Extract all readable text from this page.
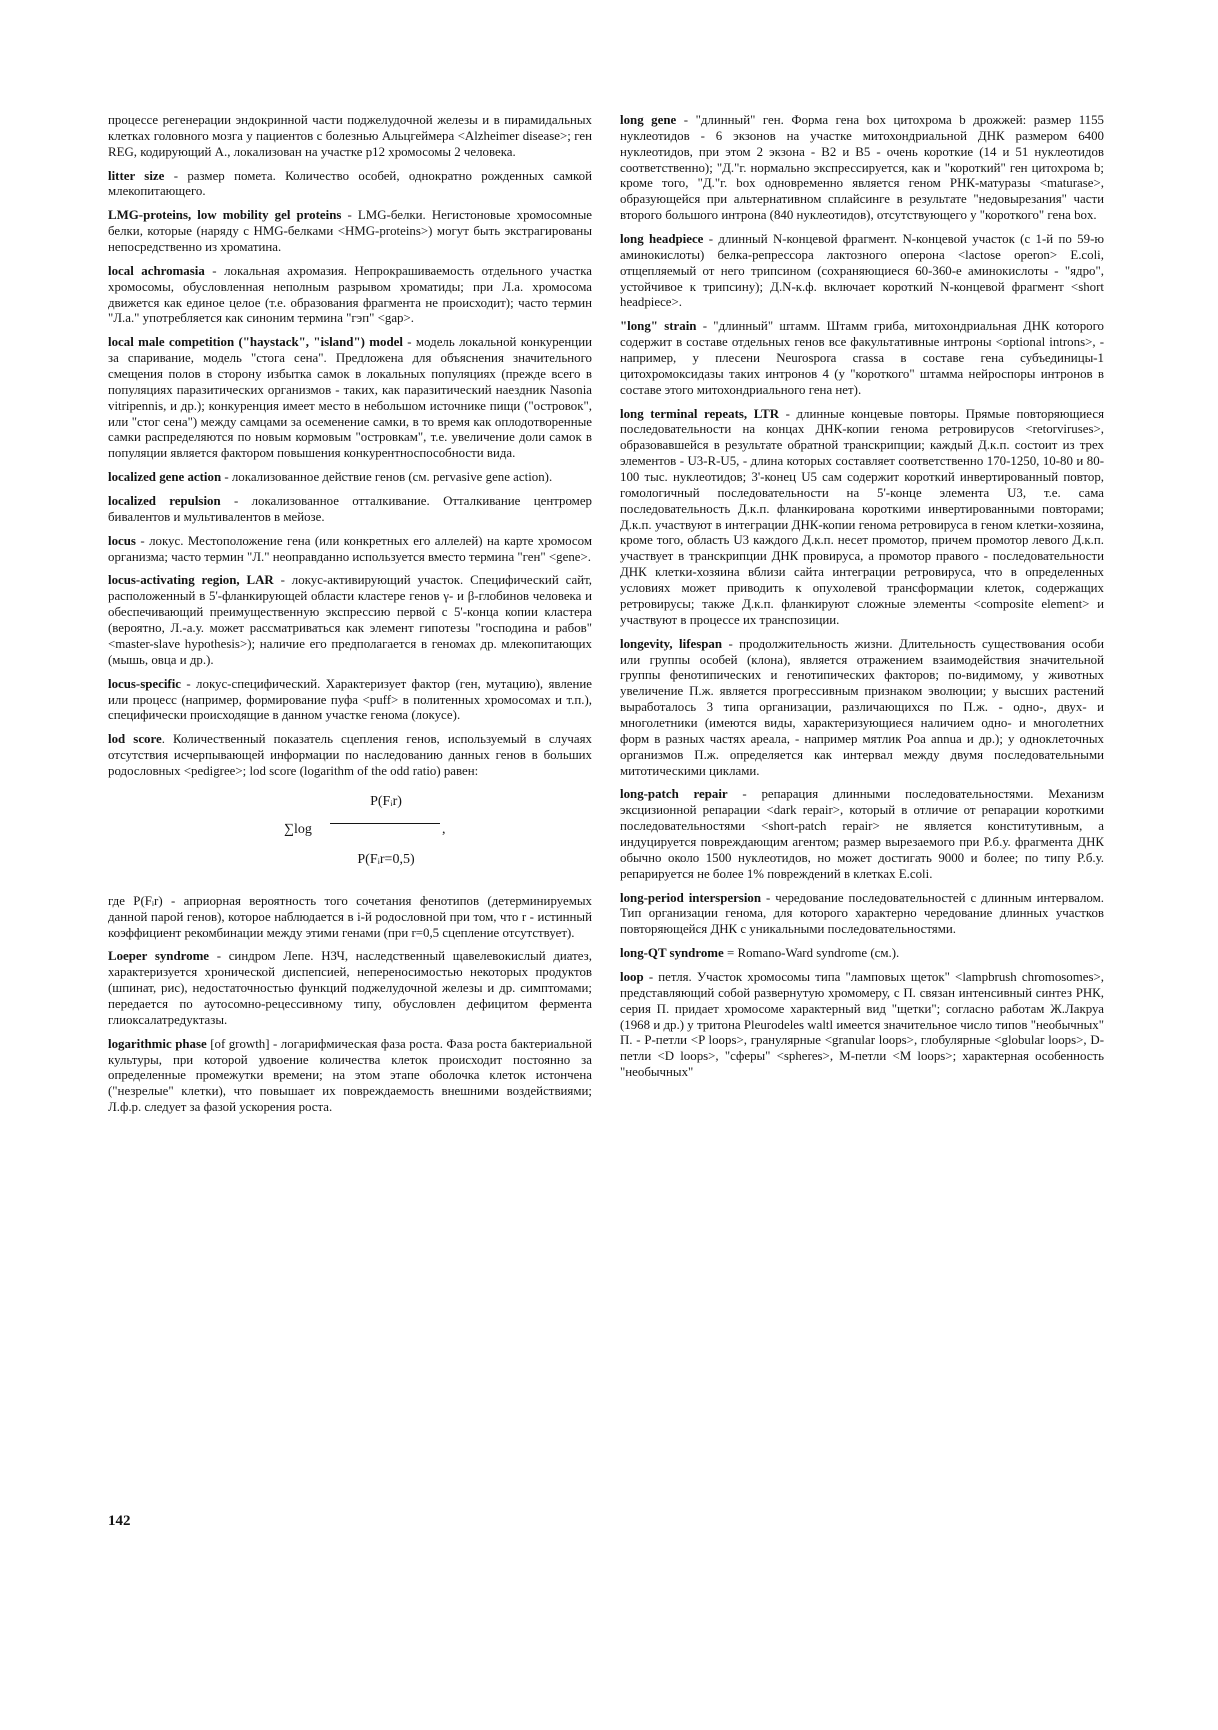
процессе регенерации эндокринной части поджелудочной железы и в пирамидальных клетках головного мозга у пациентов с болезнью Альцгеймера <Alzheimer disease>; ген REG, кодирующий А., локализован на участке p12 хромосомы 2 человека.

litter size - размер помета. Количество особей, однократно рожденных самкой млекопитающего.

LMG-proteins, low mobility gel proteins - LMG-белки. Негистоновые хромосомные белки, которые (наряду с HMG-белками <HMG-proteins>) могут быть экстрагированы непосредственно из хроматина.

local achromasia - локальная ахромазия. Непрокрашиваемость отдельного участка хромосомы, обусловленная неполным разрывом хроматиды; при Л.а. хромосома движется как единое целое (т.е. образования фрагмента не происходит); часто термин "Л.а." употребляется как синоним термина "гэп" <gap>.

local male competition ("haystack", "island") model - модель локальной конкуренции за спаривание, модель "стога сена". Предложена для объяснения значительного смещения полов в сторону избытка самок в локальных популяциях (прежде всего в популяциях паразитических организмов - таких, как паразитический наездник Nasonia vitripennis, и др.); конкуренция имеет место в небольшом источнике пищи ("островок", или "стог сена") между самцами за осеменение самки, в то время как оплодотворенные самки распределяются по новым кормовым "островкам", т.е. увеличение доли самок в популяции является фактором повышения конкурентноспособности вида.

localized gene action - локализованное действие генов (см. pervasive gene action).

localized repulsion - локализованное отталкивание. Отталкивание центромер бивалентов и мультивалентов в мейозе.

locus - локус. Местоположение гена (или конкретных его аллелей) на карте хромосом организма; часто термин "Л." неоправданно используется вместо термина "ген" <gene>.

locus-activating region, LAR - локус-активирующий участок. Специфический сайт, расположенный в 5'-фланкирующей области кластере генов γ- и β-глобинов человека и обеспечивающий преимущественную экспрессию первой с 5'-конца копии кластера (вероятно, Л.-а.у. может рассматриваться как элемент гипотезы "господина и рабов" <master-slave hypothesis>); наличие его предполагается в геномах др. млекопитающих (мышь, овца и др.).

locus-specific - локус-специфический. Характеризует фактор (ген, мутацию), явление или процесс (например, формирование пуфа <puff> в политенных хромосомах и т.п.), специфически происходящие в данном участке генома (локусе).

lod score. Количественный показатель сцепления генов, используемый в случаях отсутствия исчерпывающей информации по наследованию данных генов в больших родословных <pedigree>; lod score (logarithm of the odd ratio) равен:

∑log
P(Fᵢr)
P(Fᵢr=0,5)
,

где P(Fᵢr) - априорная вероятность того сочетания фенотипов (детерминируемых данной парой генов), которое наблюдается в i-й родословной при том, что r - истинный коэффициент рекомбинации между этими генами (при r=0,5 сцепление отсутствует).

Loeper syndrome - синдром Лепе. НЗЧ, наследственный щавелевокислый диатез, характеризуется хронической диспепсией, непереносимостью некоторых продуктов (шпинат, рис), недостаточностью функций поджелудочной железы и др. симптомами; передается по аутосомно-рецессивному типу, обусловлен дефицитом фермента глиоксалатредуктазы.

logarithmic phase [of growth] - логарифмическая фаза роста. Фаза роста бактериальной культуры, при которой удвоение количества клеток происходит постоянно за определенные промежутки времени; на этом этапе оболочка клеток истончена ("незрелые" клетки), что повышает их повреждаемость внешними воздействиями; Л.ф.р. следует за фазой ускорения роста.

long gene - "длинный" ген. Форма гена box цитохрома b дрожжей: размер 1155 нуклеотидов - 6 экзонов на участке митохондриальной ДНК размером 6400 нуклеотидов, при этом 2 экзона - B2 и B5 - очень короткие (14 и 51 нуклеотидов соответственно); "Д."г. нормально экспрессируется, как и "короткий" ген цитохрома b; кроме того, "Д."г. box одновременно является геном РНК-матуразы <maturase>, образующейся при альтернативном сплайсинге в результате "недовырезания" части второго большого интрона (840 нуклеотидов), отсутствующего у "короткого" гена box.

long headpiece - длинный N-концевой фрагмент. N-концевой участок (с 1-й по 59-ю аминокислоты) белка-репрессора лактозного оперона <lactose operon> E.coli, отщепляемый от него трипсином (сохраняющиеся 60-360-е аминокислоты - "ядро", устойчивое к трипсину); Д.N-к.ф. включает короткий N-концевой фрагмент <short headpiece>.

"long" strain - "длинный" штамм. Штамм гриба, митохондриальная ДНК которого содержит в составе отдельных генов все факультативные интроны <optional introns>, - например, у плесени Neurospora crassa в составе гена субъединицы-1 цитохромоксидазы таких интронов 4 (у "короткого" штамма нейроспоры интронов в составе этого митохондриального гена нет).

long terminal repeats, LTR - длинные концевые повторы. Прямые повторяющиеся последовательности на концах ДНК-копии генома ретровирусов <retorviruses>, образовавшейся в результате обратной транскрипции; каждый Д.к.п. состоит из трех элементов - U3-R-U5, - длина которых составляет соответственно 170-1250, 10-80 и 80-100 тыс. нуклеотидов; 3'-конец U5 сам содержит короткий инвертированный повтор, гомологичный последовательности на 5'-конце элемента U3, т.е. сама последовательность Д.к.п. фланкирована короткими инвертированными повторами; Д.к.п. участвуют в интеграции ДНК-копии генома ретровируса в геном клетки-хозяина, кроме того, область U3 каждого Д.к.п. несет промотор, причем промотор левого Д.к.п. участвует в транскрипции ДНК провируса, а промотор правого - последовательности ДНК клетки-хозяина вблизи сайта интеграции ретровируса, что в определенных условиях может приводить к опухолевой трансформации клеток, содержащих ретровирусы; также Д.к.п. фланкируют сложные элементы <composite element> и участвуют в процессе их транспозиции.

longevity, lifespan - продолжительность жизни. Длительность существования особи или группы особей (клона), является отражением взаимодействия значительной группы фенотипических и генотипических факторов; по-видимому, у животных увеличение П.ж. является прогрессивным признаком эволюции; у высших растений выработалось 3 типа организации, различающихся по П.ж. - одно-, двух- и многолетники (имеются виды, характеризующиеся наличием одно- и многолетних форм в разных частях ареала, - например мятлик Poa annua и др.); у одноклеточных организмов П.ж. определяется как интервал между двумя последовательными митотическими циклами.

long-patch repair - репарация длинными последовательностями. Механизм эксцизионной репарации <dark repair>, который в отличие от репарации короткими последовательностями <short-patch repair> не является конститутивным, а индуцируется повреждающим агентом; размер вырезаемого при Р.б.у. фрагмента ДНК обычно около 1500 нуклеотидов, но может достигать 9000 и более; по типу Р.б.у. репарируется не более 1% повреждений в клетках E.coli.

long-period interspersion - чередование последовательностей с длинным интервалом. Тип организации генома, для которого характерно чередование длинных участков повторяющейся ДНК с уникальными последовательностями.

long-QT syndrome = Romano-Ward syndrome (см.).

loop - петля. Участок хромосомы типа "ламповых щеток" <lampbrush chromosomes>, представляющий собой развернутую хромомеру, с П. связан интенсивный синтез РНК, серия П. придает хромосоме характерный вид "щетки"; согласно работам Ж.Лакруа (1968 и др.) у тритона Pleurodeles waltl имеется значительное число типов "необычных" П. - P-петли <P loops>, гранулярные <granular loops>, глобулярные <globular loops>, D-петли <D loops>, "сферы" <spheres>, M-петли <M loops>; характерная особенность "необычных"

142
